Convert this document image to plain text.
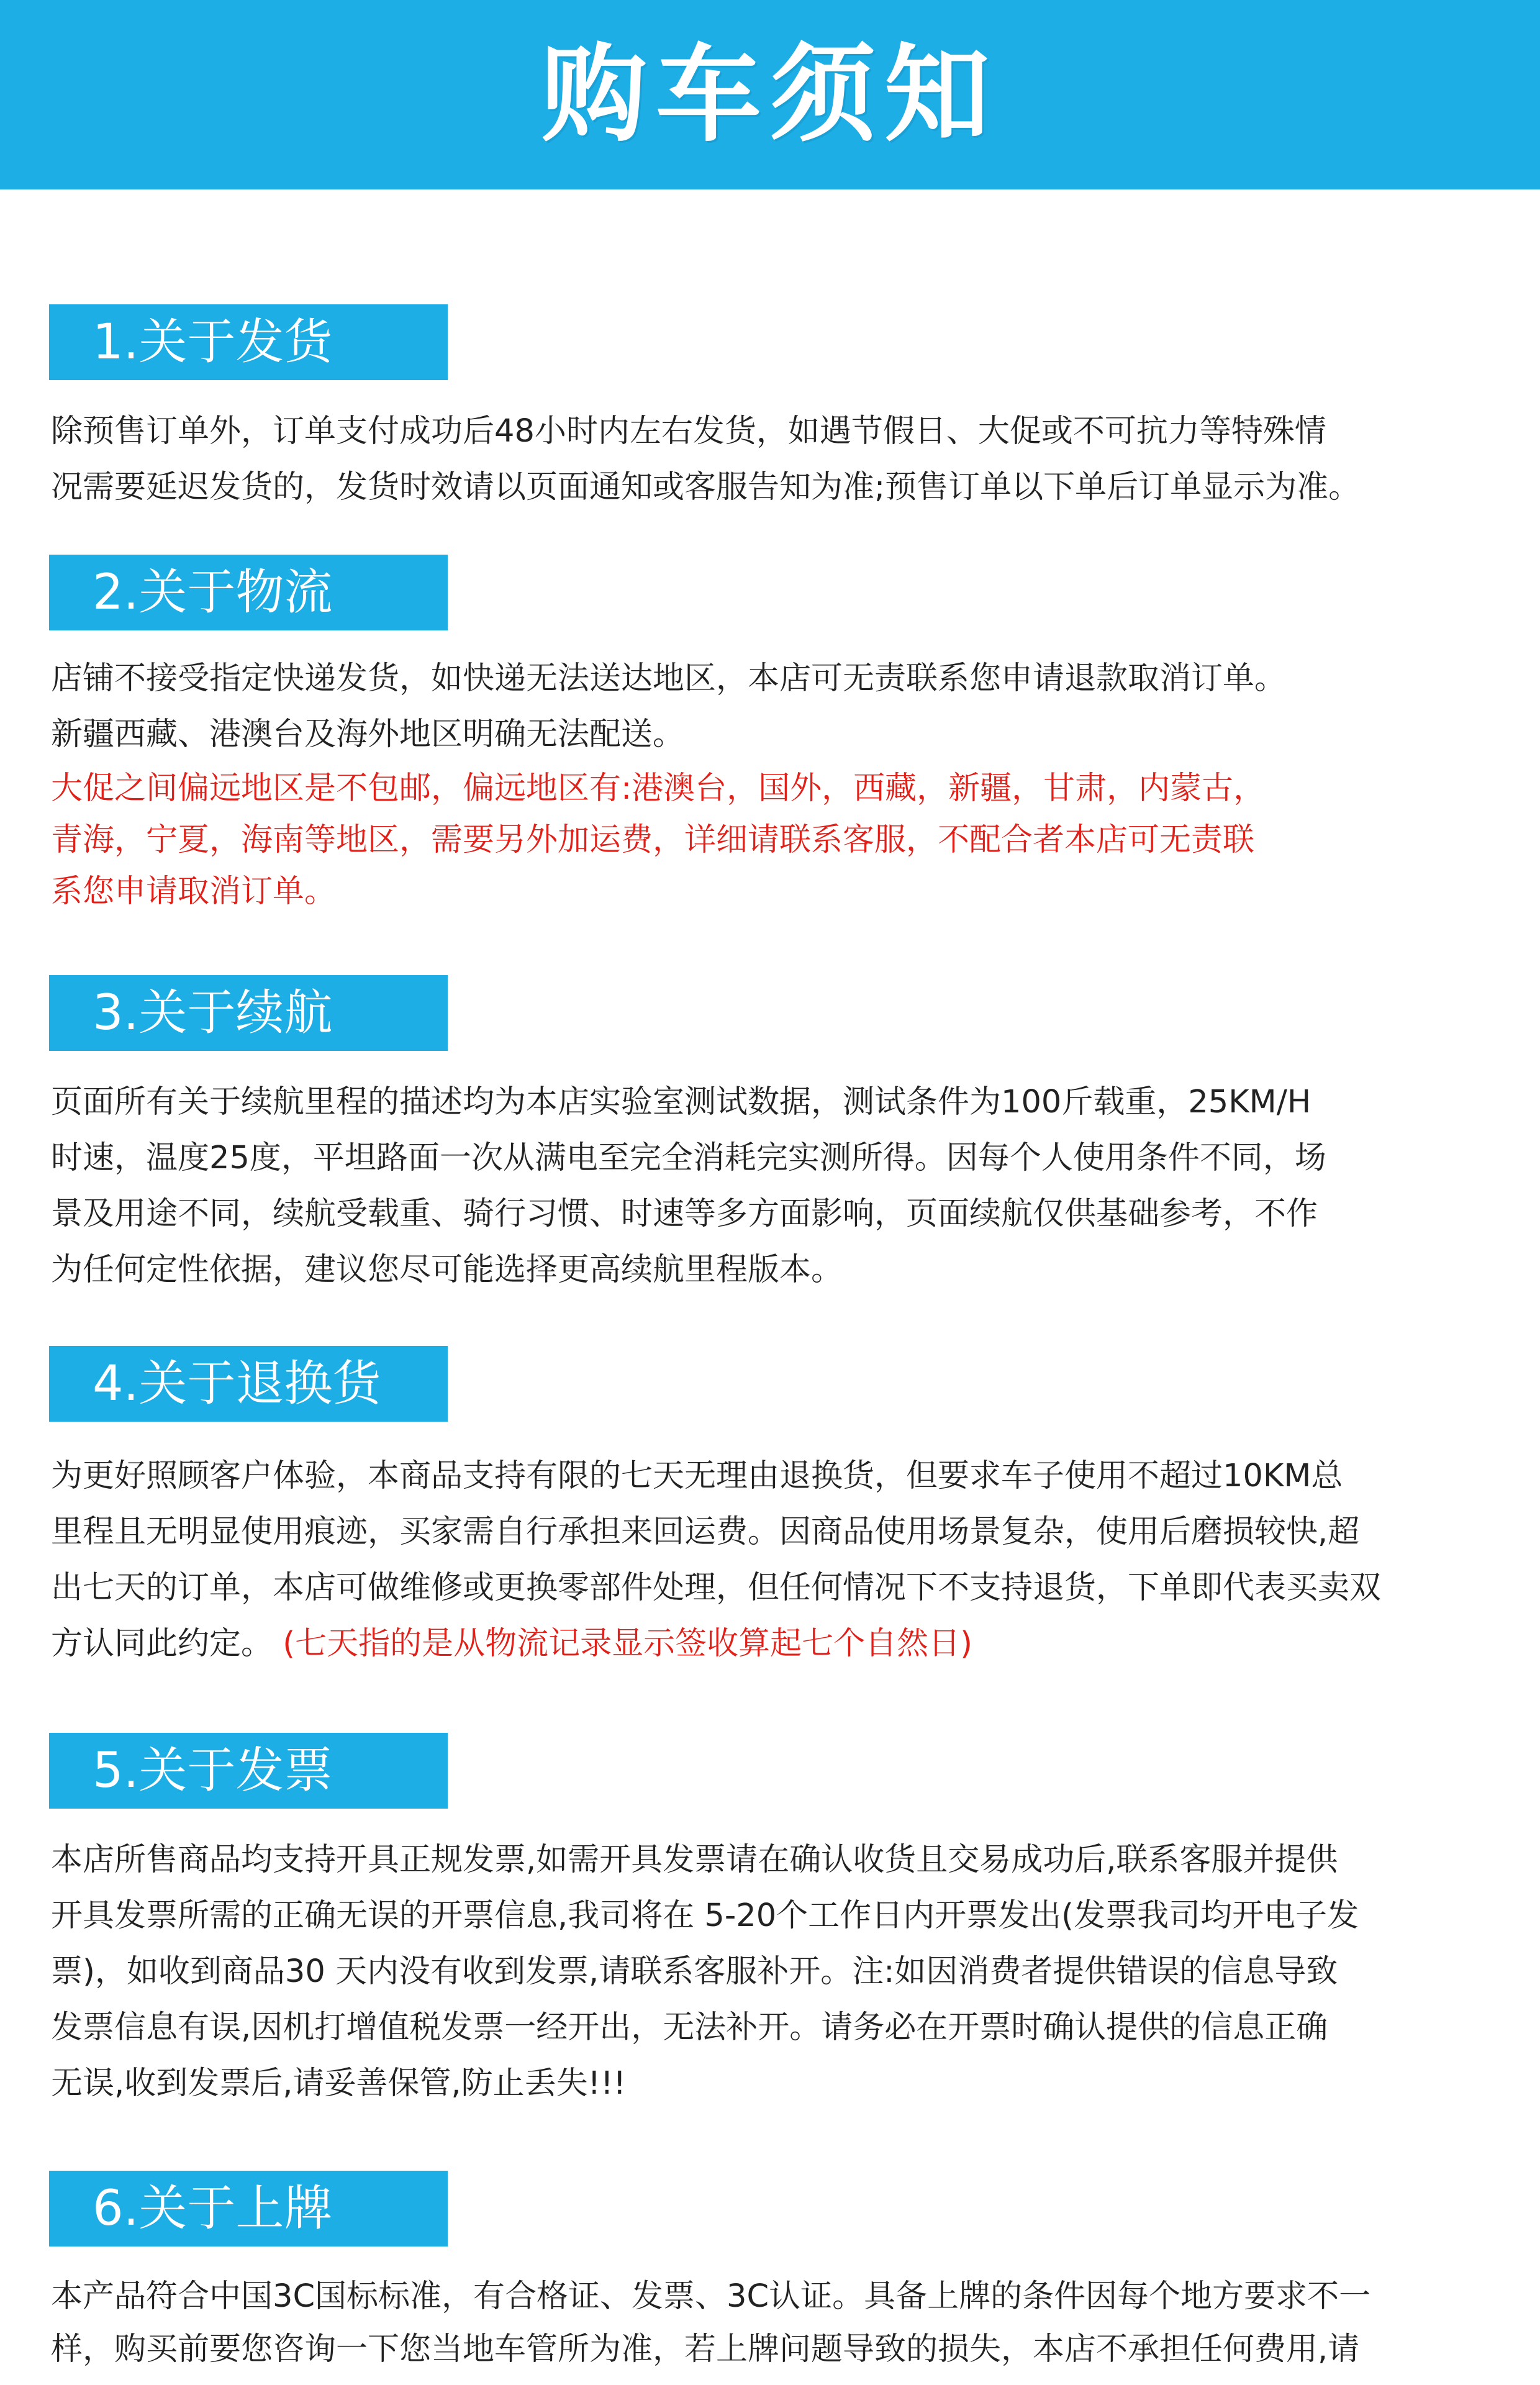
购车须知
1.关于发货
除预售订单外，订单支付成功后48小时内左右发货，如遇节假日、大促或不可抗力等特殊情
况需要延迟发货的，发货时效请以页面通知或客服告知为准;预售订单以下单后订单显示为准。
2.关于物流
店铺不接受指定快递发货，如快递无法送达地区，本店可无责联系您申请退款取消订单。
新疆西藏、港澳台及海外地区明确无法配送。
大促之间偏远地区是不包邮，偏远地区有:港澳台，国外，西藏，新疆，甘肃，内蒙古，
青海，宁夏，海南等地区，需要另外加运费，详细请联系客服，不配合者本店可无责联
系您申请取消订单。
3.关于续航
页面所有关于续航里程的描述均为本店实验室测试数据，测试条件为100斤载重，25KM/H
时速，温度25度，平坦路面一次从满电至完全消耗完实测所得。因每个人使用条件不同，场
景及用途不同，续航受载重、骑行习惯、时速等多方面影响，页面续航仅供基础参考，不作
为任何定性依据，建议您尽可能选择更高续航里程版本。
4.关于退换货
为更好照顾客户体验，本商品支持有限的七天无理由退换货，但要求车子使用不超过10KM总
里程且无明显使用痕迹，买家需自行承担来回运费。因商品使用场景复杂，使用后磨损较快,超
出七天的订单，本店可做维修或更换零部件处理，但任何情况下不支持退货，下单即代表买卖双
方认同此约定。 (七天指的是从物流记录显示签收算起七个自然日)
5.关于发票
本店所售商品均支持开具正规发票,如需开具发票请在确认收货且交易成功后,联系客服并提供
开具发票所需的正确无误的开票信息,我司将在 5-20个工作日内开票发出(发票我司均开电子发
票)，如收到商品30 天内没有收到发票,请联系客服补开。注:如因消费者提供错误的信息导致
发票信息有误,因机打增值税发票一经开出，无法补开。请务必在开票时确认提供的信息正确
无误,收到发票后,请妥善保管,防止丢失!!!
6.关于上牌
本产品符合中国3C国标标准，有合格证、发票、3C认证。具备上牌的条件因每个地方要求不一
样，购买前要您咨询一下您当地车管所为准，若上牌问题导致的损失，本店不承担任何费用,请
